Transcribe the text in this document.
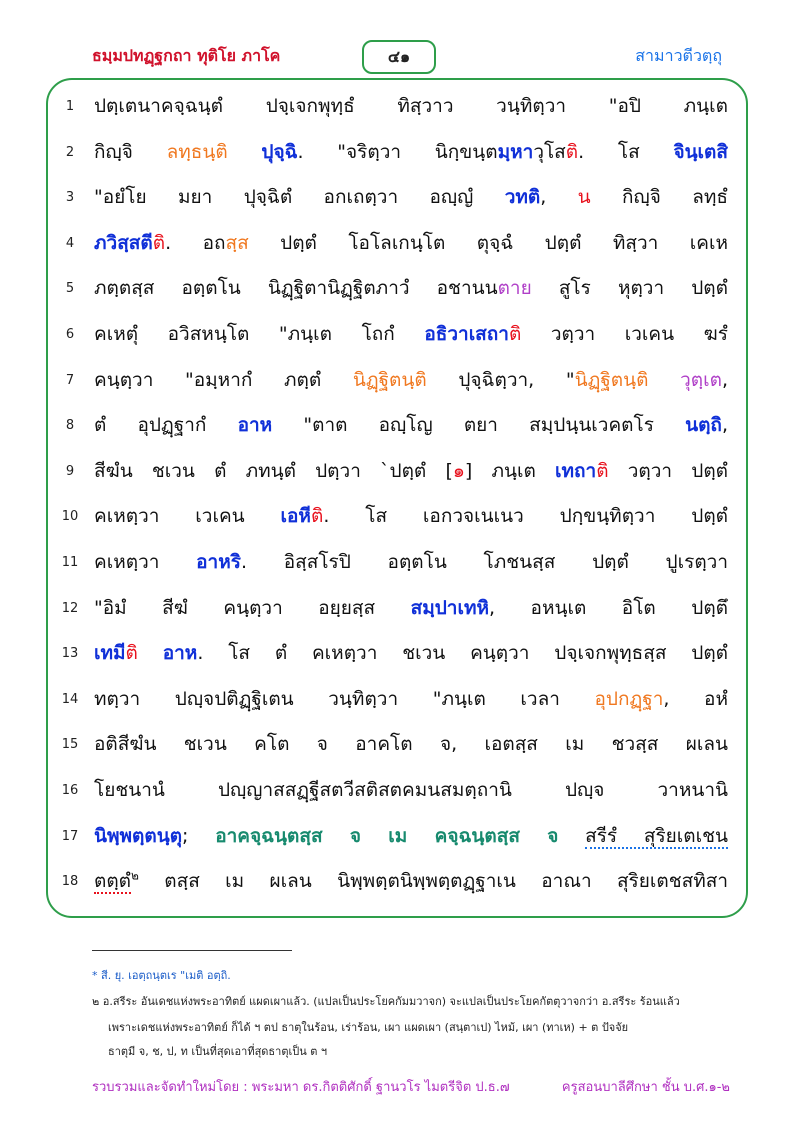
ธมฺมปทฏฺฐกถา ทุติโย ภาโค	๔๑	สามาวตีวตฺถุ
1	ปตฺเตนาคจฺฉนฺตํ ปจฺเจกพุทฺธํ ทิสฺวาว วนฺทิตฺวา "อปิ ภนฺเต
2	กิญฺจิ ลทฺธนฺติ ปุจฺฉิ. "จริตฺวา นิกฺขนฺตมฺหาวุโสติ. โส จินฺเตสิ
3	"อยํโย มยา ปุจฺฉิตํ อกเถตฺวา อญฺญํ วทติ, น กิญฺจิ ลทฺธํ
4	ภวิสฺสตีติ. อถสฺส ปตฺตํ โอโลเกนฺโต ตุจฺฉํ ปตฺตํ ทิสฺวา เคเห
5	ภตฺตสฺส อตฺตโน นิฏฺฐิตานิฏฺฐิตภาวํ อชานนตาย สูโร หุตฺวา ปตฺตํ
6	คเหตุํ อวิสหนฺโต "ภนฺเต โถกํ อธิวาเสถาติ วตฺวา เวเคน ฆรํ
7	คนฺตฺวา "อมฺหากํ ภตฺตํ นิฏฺฐิตนฺติ ปุจฺฉิตฺวา, "นิฏฺฐิตนฺติ วุตฺเต,
8	ตํ อุปฏฺฐากํ อาห "ตาต อญฺโญ ตยา สมฺปนฺนเวคตโร นตฺถิ,
9	สีฆํน ชเวน ตํ ภทนฺตํ ปตฺวา `ปตฺตํ [๑] ภนฺเต เทถาติ วตฺวา ปตฺตํ
10 คเหตฺวา เวเคน เอหีติ. โส เอกวจเนเนว ปกฺขนฺทิตฺวา ปตฺตํ
11 คเหตฺวา อาหริ. อิสฺสโรปิ อตฺตโน โภชนสฺส ปตฺตํ ปูเรตฺวา
12 "อิมํ สีฆํ คนฺตฺวา อยฺยสฺส สมฺปาเทหิ, อหนฺเต อิโต ปตฺตึ
13 เทมีติ อาห. โส ตํ คเหตฺวา ชเวน คนฺตฺวา ปจฺเจกพุทฺธสฺส ปตฺตํ
14 ทตฺวา ปญฺจปติฏฺฐิเตน วนฺทิตฺวา "ภนฺเต เวลา อุปกฏฺฐา, อหํ
15 อติสีฆํน ชเวน คโต จ อาคโต จ, เอตสฺส เม ชวสฺส ผเลน
16 โยชนานํ ปญฺญาสสฏฺฐีสตวีสติสตคมนสมตฺถานิ ปญฺจ วาหนานิ
17 นิพฺพตฺตนฺตุ; อาคจฺฉนฺตสฺส จ เม คจฺฉนฺตสฺส จ สรีรํ สุริยเตเชน
18 ตตฺตํ$^๒$ ตสฺส เม ผเลน นิพฺพตฺตนิพฺพตฺตฏฺฐาเน อาณา สุริยเตชสทิสา
* สี. ยุ. เอตฺถนฺตเร "เมติ อตฺถิ.
๒ อ.สรีระ อันเดชแห่งพระอาทิตย์ แผดเผาแล้ว. (แปลเป็นประโยคกัมมวาจก) จะแปลเป็นประโยคกัตตุวาจกว่า อ.สรีระ ร้อนแล้ว
เพราะเดชแห่งพระอาทิตย์ ก็ได้ ฯ ตป ธาตุในร้อน, เร่าร้อน, เผา แผดเผา (สนฺตาเป) ไหม้, เผา (ทาเห) + ต ปัจจัย
ธาตุมี จ, ช, ป, ท เป็นที่สุดเอาที่สุดธาตุเป็น ต ฯ
รวบรวมและจัดทำใหม่โดย : พระมหา ดร.กิตติศักดิ์ ฐานวโร ไมตรีจิต ป.ธ.๗	ครูสอนบาลีศึกษา ชั้น บ.ศ.๑-๒
